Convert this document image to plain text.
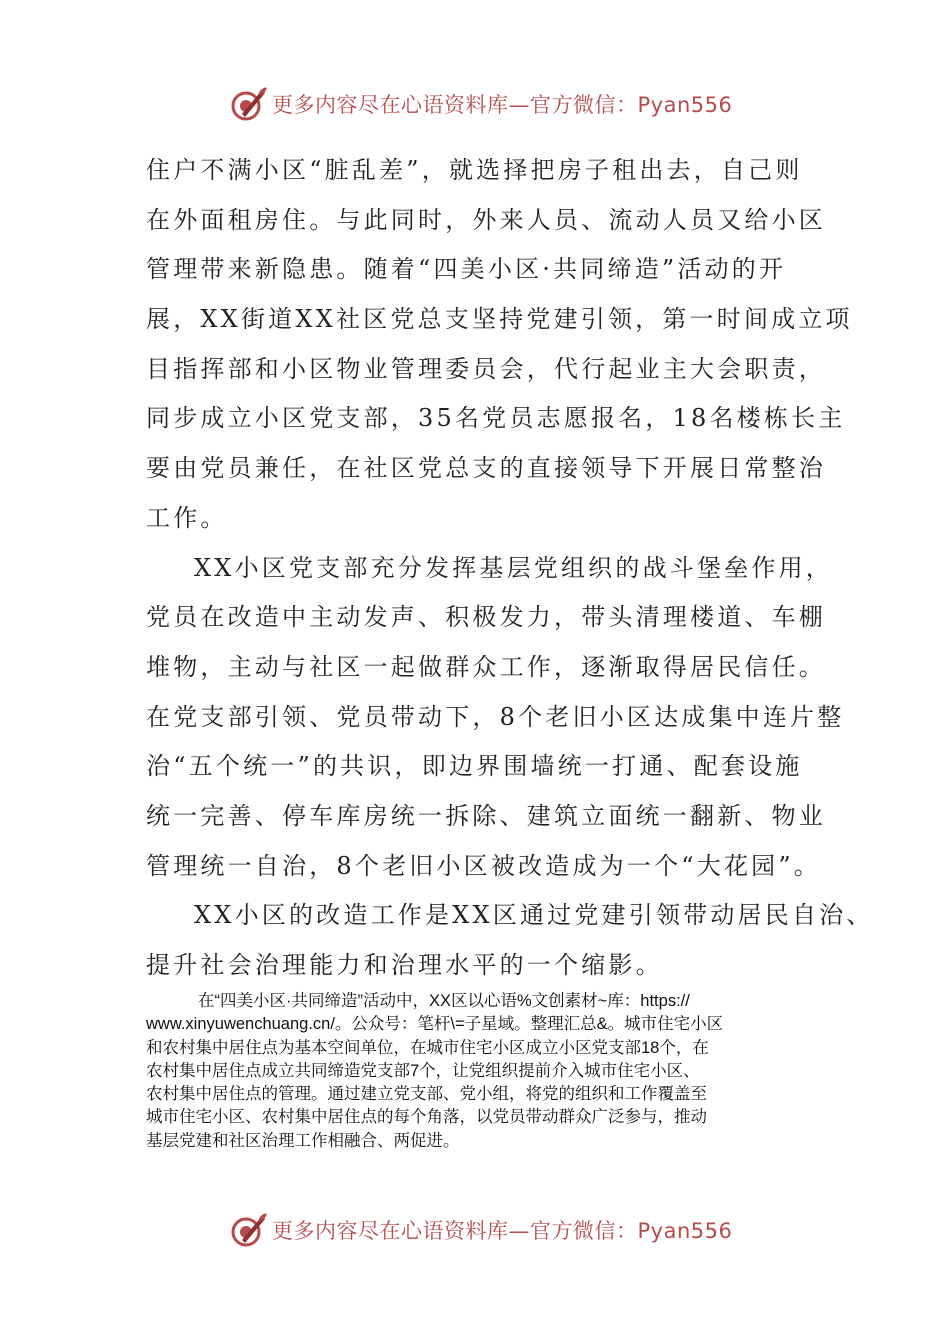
更多内容尽在心语资料库—官方微信：Pyan556
住户不满小区“脏乱差”，就选择把房子租出去，自己则
在外面租房住。与此同时，外来人员、流动人员又给小区
管理带来新隐患。随着“四美小区·共同缔造”活动的开
展，XX街道XX社区党总支坚持党建引领，第一时间成立项
目指挥部和小区物业管理委员会，代行起业主大会职责，
同步成立小区党支部，35名党员志愿报名，18名楼栋长主
要由党员兼任，在社区党总支的直接领导下开展日常整治
工作。
XX小区党支部充分发挥基层党组织的战斗堡垒作用，
党员在改造中主动发声、积极发力，带头清理楼道、车棚
堆物，主动与社区一起做群众工作，逐渐取得居民信任。
在党支部引领、党员带动下，8个老旧小区达成集中连片整
治“五个统一”的共识，即边界围墙统一打通、配套设施
统一完善、停车库房统一拆除、建筑立面统一翻新、物业
管理统一自治，8个老旧小区被改造成为一个“大花园”。
XX小区的改造工作是XX区通过党建引领带动居民自治、
提升社会治理能力和治理水平的一个缩影。
在“四美小区·共同缔造”活动中，XX区以心语%文创素材~库：https://
www.xinyuwenchuang.cn/。公众号：笔杆\=子星域。整理汇总&。城市住宅小区
和农村集中居住点为基本空间单位，在城市住宅小区成立小区党支部18个，在
农村集中居住点成立共同缔造党支部7个，让党组织提前介入城市住宅小区、
农村集中居住点的管理。通过建立党支部、党小组，将党的组织和工作覆盖至
城市住宅小区、农村集中居住点的每个角落，以党员带动群众广泛参与，推动
基层党建和社区治理工作相融合、两促进。
更多内容尽在心语资料库—官方微信：Pyan556
